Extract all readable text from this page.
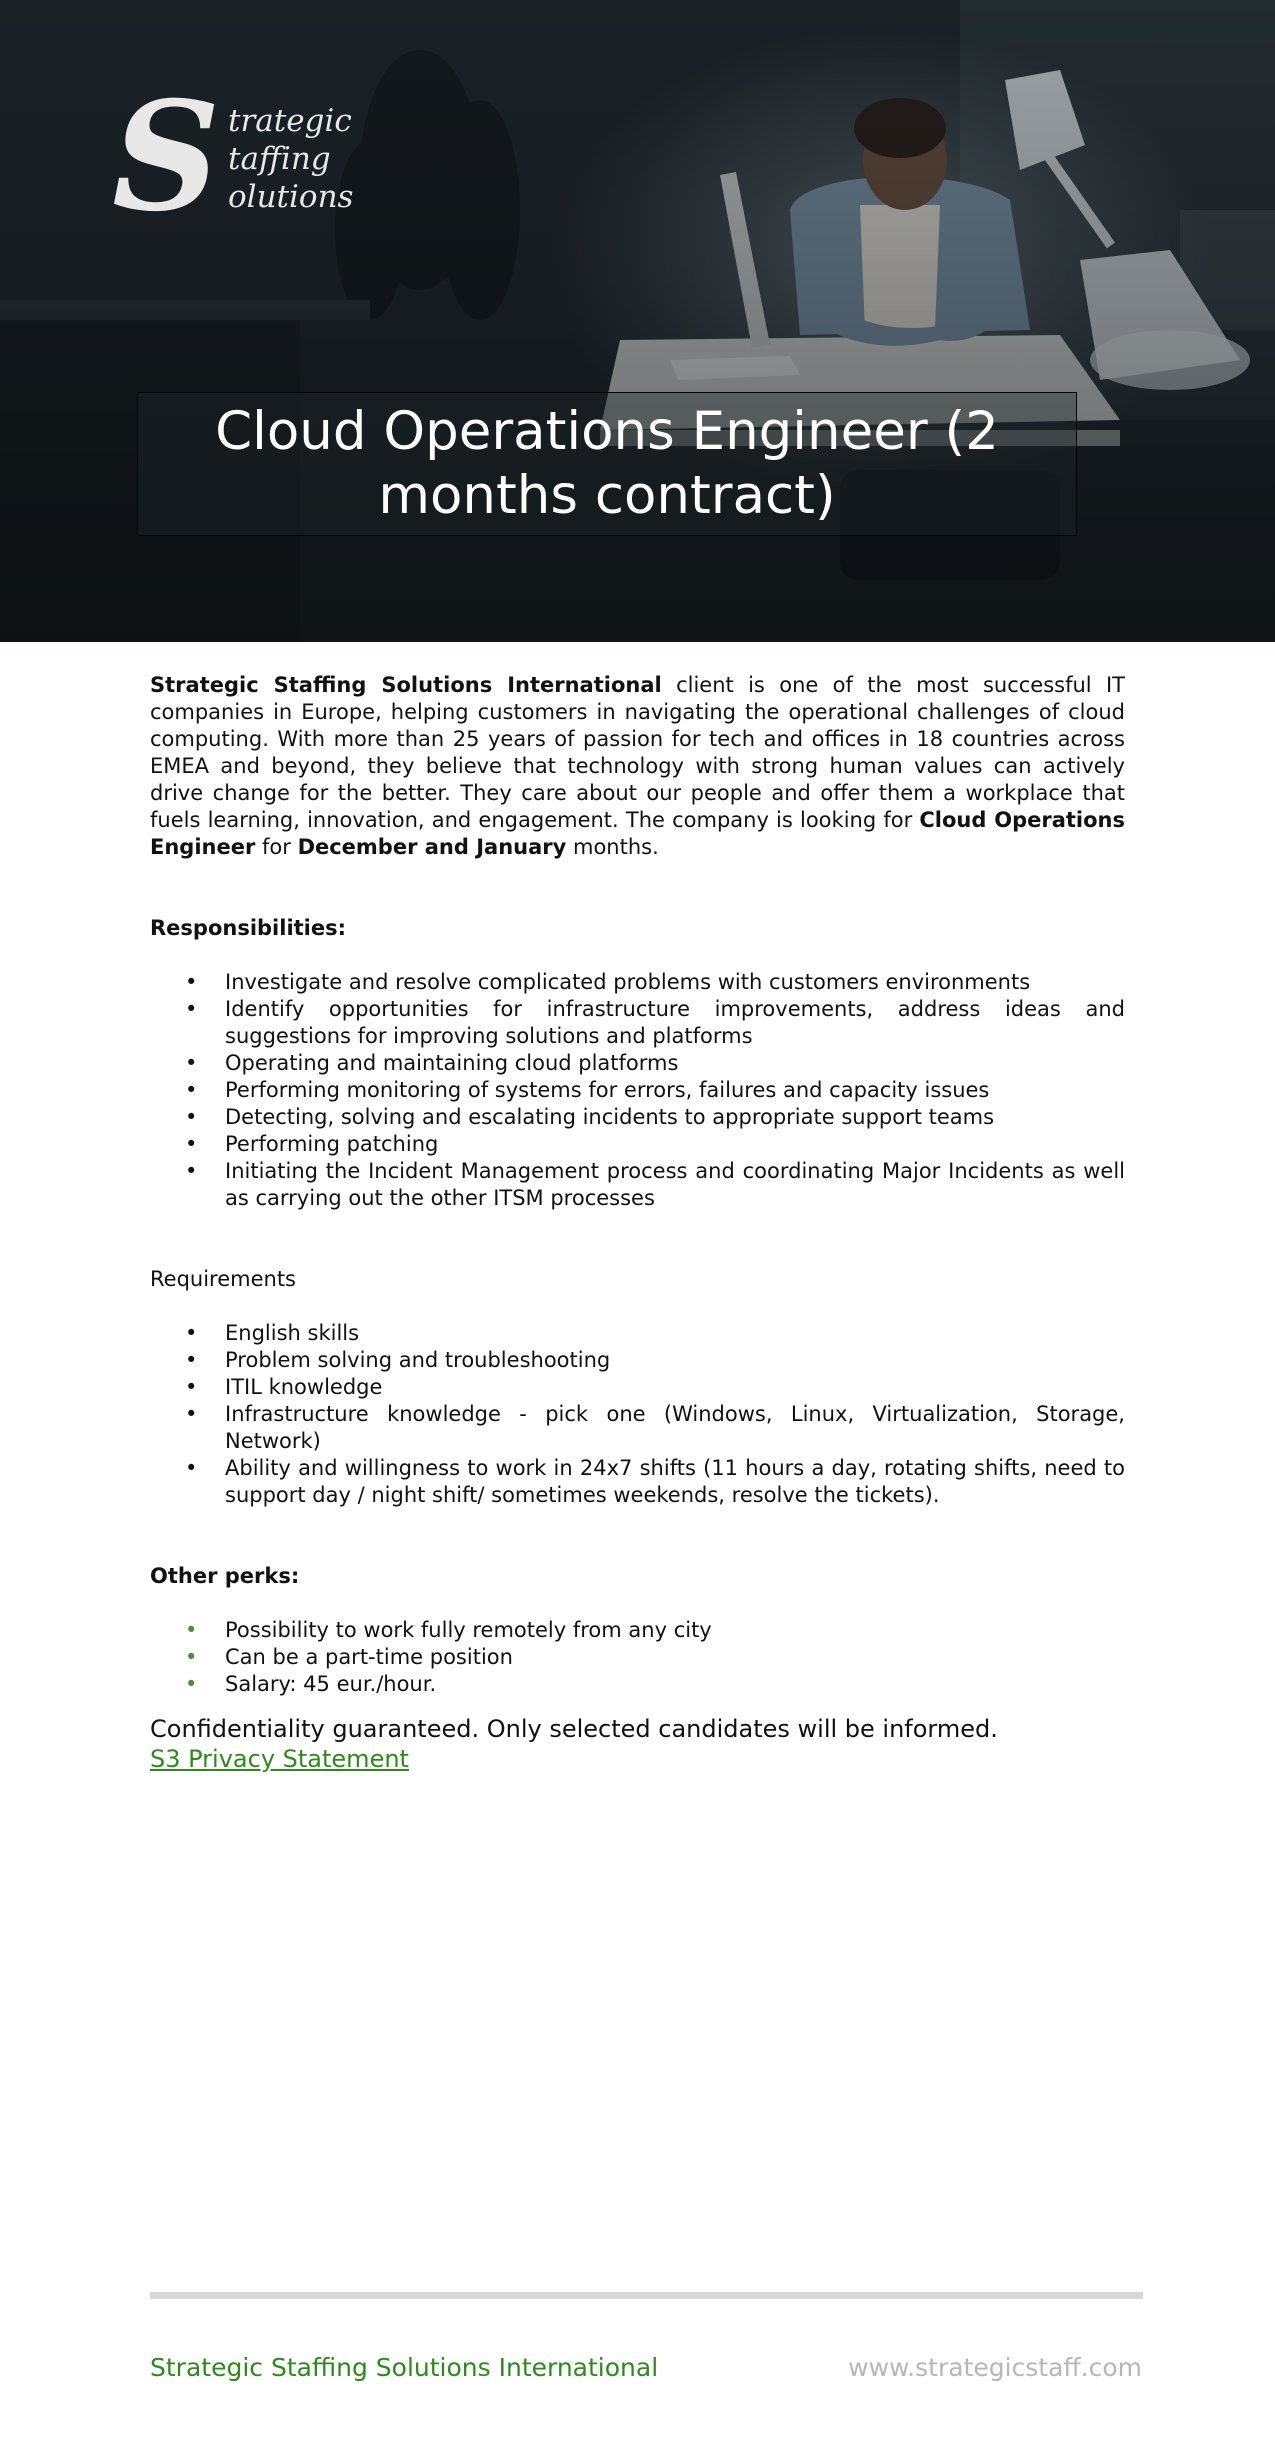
S trategic
taffing
olutions
Cloud Operations Engineer (2 months contract)

Strategic Staffing Solutions International client is one of the most successful IT companies in Europe, helping customers in navigating the operational challenges of cloud computing. With more than 25 years of passion for tech and offices in 18 countries across EMEA and beyond, they believe that technology with strong human values can actively drive change for the better. They care about our people and offer them a workplace that fuels learning, innovation, and engagement. The company is looking for Cloud Operations Engineer for December and January months.

Responsibilities:
• Investigate and resolve complicated problems with customers environments
• Identify opportunities for infrastructure improvements, address ideas and suggestions for improving solutions and platforms
• Operating and maintaining cloud platforms
• Performing monitoring of systems for errors, failures and capacity issues
• Detecting, solving and escalating incidents to appropriate support teams
• Performing patching
• Initiating the Incident Management process and coordinating Major Incidents as well as carrying out the other ITSM processes
Requirements
• English skills
• Problem solving and troubleshooting
• ITIL knowledge
• Infrastructure knowledge - pick one (Windows, Linux, Virtualization, Storage, Network)
• Ability and willingness to work in 24x7 shifts (11 hours a day, rotating shifts, need to support day / night shift/ sometimes weekends, resolve the tickets).
Other perks:
• Possibility to work fully remotely from any city
• Can be a part-time position
• Salary: 45 eur./hour.
Confidentiality guaranteed. Only selected candidates will be informed.
S3 Privacy Statement
Strategic Staffing Solutions International	www.strategicstaff.com
